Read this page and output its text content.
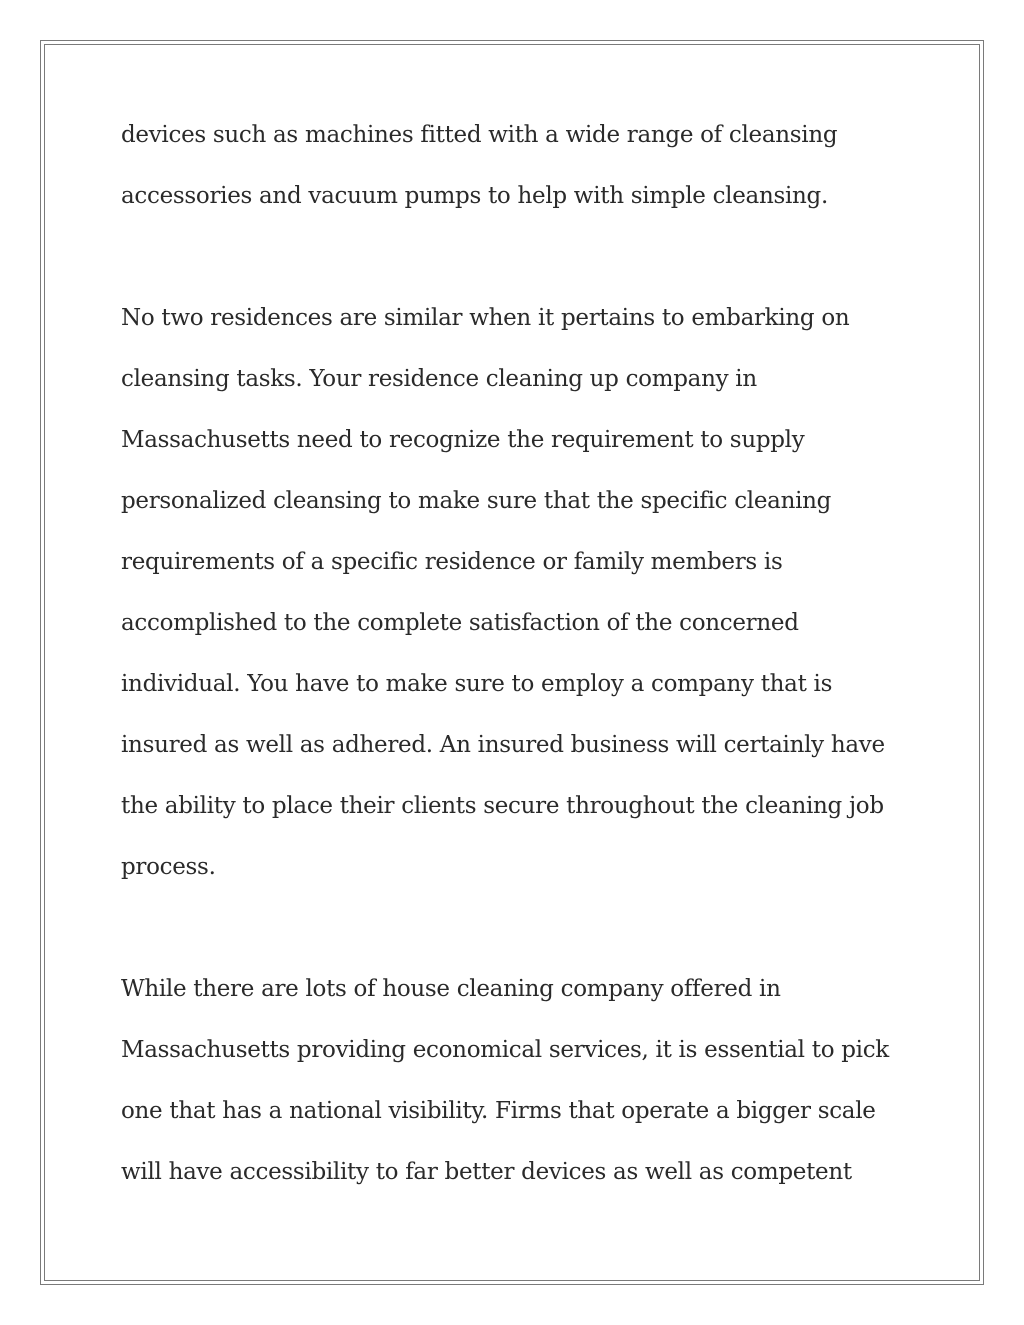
devices such as machines fitted with a wide range of cleansing
accessories and vacuum pumps to help with simple cleansing.
No two residences are similar when it pertains to embarking on
cleansing tasks. Your residence cleaning up company in
Massachusetts need to recognize the requirement to supply
personalized cleansing to make sure that the specific cleaning
requirements of a specific residence or family members is
accomplished to the complete satisfaction of the concerned
individual. You have to make sure to employ a company that is
insured as well as adhered. An insured business will certainly have
the ability to place their clients secure throughout the cleaning job
process.
While there are lots of house cleaning company offered in
Massachusetts providing economical services, it is essential to pick
one that has a national visibility. Firms that operate a bigger scale
will have accessibility to far better devices as well as competent
